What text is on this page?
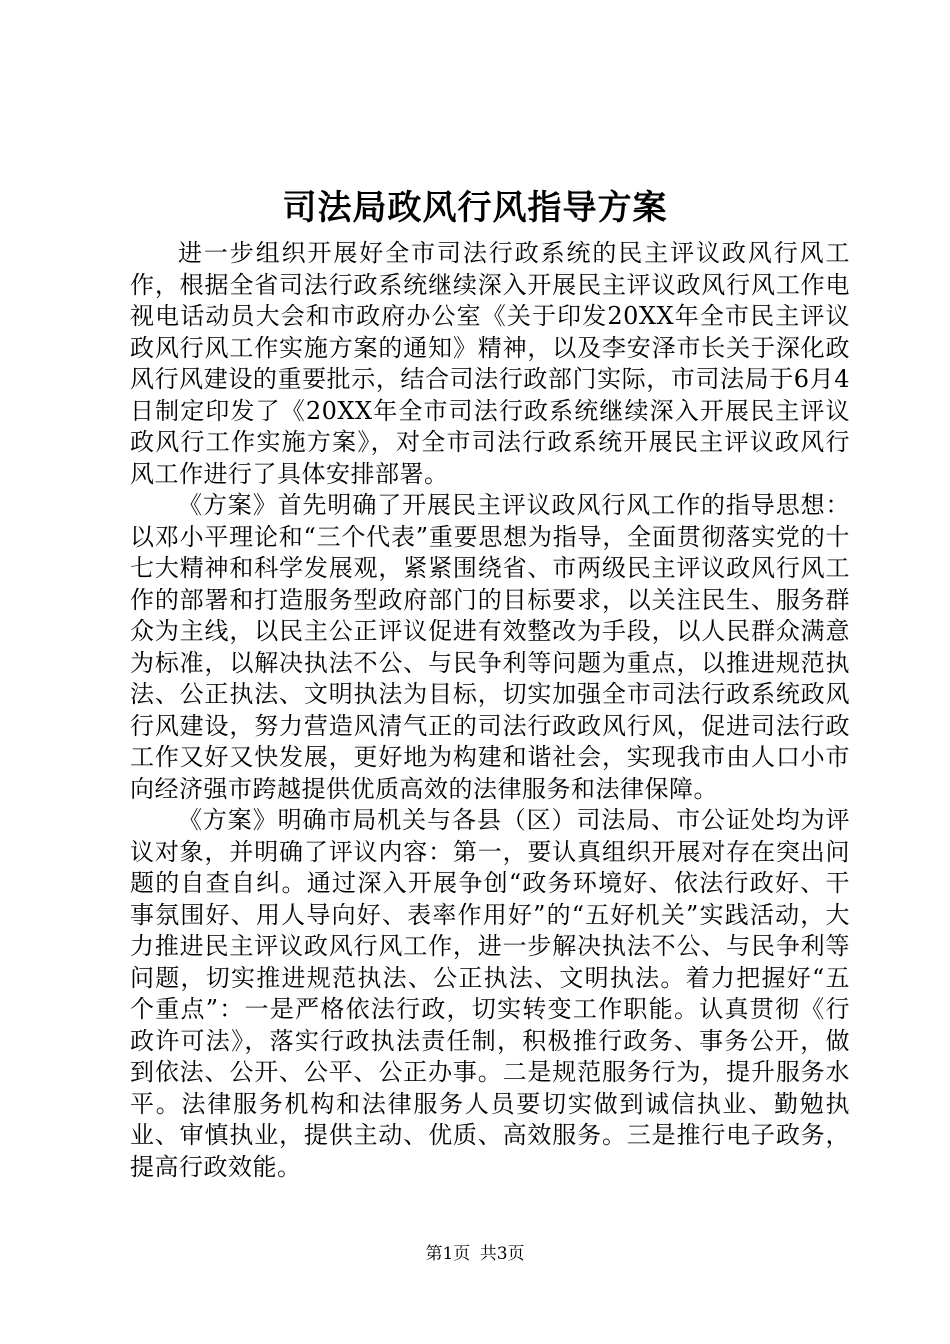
司法局政风行风指导方案

进一步组织开展好全市司法行政系统的民主评议政风行风工作，根据全省司法行政系统继续深入开展民主评议政风行风工作电视电话动员大会和市政府办公室《关于印发20XX年全市民主评议政风行风工作实施方案的通知》精神，以及李安泽市长关于深化政风行风建设的重要批示，结合司法行政部门实际，市司法局于6月4日制定印发了《20XX年全市司法行政系统继续深入开展民主评议政风行工作实施方案》，对全市司法行政系统开展民主评议政风行风工作进行了具体安排部署。

《方案》首先明确了开展民主评议政风行风工作的指导思想：以邓小平理论和“三个代表”重要思想为指导，全面贯彻落实党的十七大精神和科学发展观，紧紧围绕省、市两级民主评议政风行风工作的部署和打造服务型政府部门的目标要求，以关注民生、服务群众为主线，以民主公正评议促进有效整改为手段，以人民群众满意为标准，以解决执法不公、与民争利等问题为重点，以推进规范执法、公正执法、文明执法为目标，切实加强全市司法行政系统政风行风建设，努力营造风清气正的司法行政政风行风，促进司法行政工作又好又快发展，更好地为构建和谐社会，实现我市由人口小市向经济强市跨越提供优质高效的法律服务和法律保障。

《方案》明确市局机关与各县（区）司法局、市公证处均为评议对象，并明确了评议内容：第一，要认真组织开展对存在突出问题的自查自纠。通过深入开展争创“政务环境好、依法行政好、干事氛围好、用人导向好、表率作用好”的“五好机关”实践活动，大力推进民主评议政风行风工作，进一步解决执法不公、与民争利等问题，切实推进规范执法、公正执法、文明执法。着力把握好“五个重点”：一是严格依法行政，切实转变工作职能。认真贯彻《行政许可法》，落实行政执法责任制，积极推行政务、事务公开，做到依法、公开、公平、公正办事。二是规范服务行为，提升服务水平。法律服务机构和法律服务人员要切实做到诚信执业、勤勉执业、审慎执业，提供主动、优质、高效服务。三是推行电子政务，提高行政效能。

第1页 共3页
